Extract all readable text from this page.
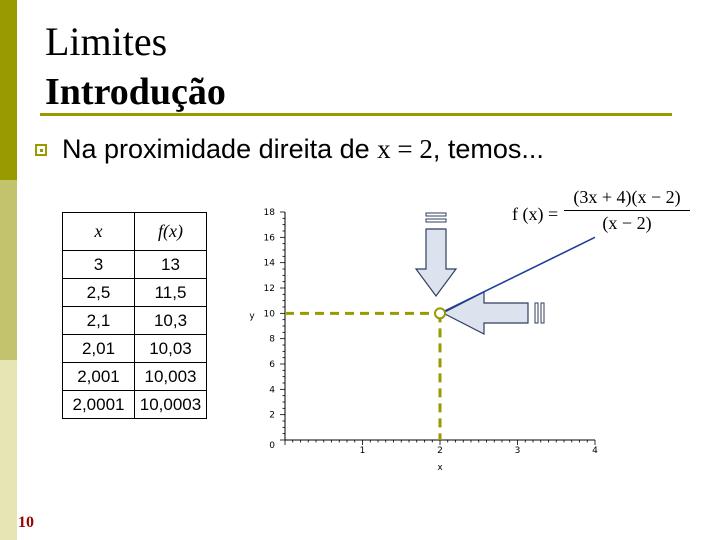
Limites
Introdução
Na proximidade direita de x = 2, temos...
x	f(x)
3	13
2,5	11,5
2,1	10,3
2,01	10,03
2,001	10,003
2,0001	10,0003
f (x) =
(3x + 4)(x − 2)
(x − 2)
1	2	3	4
0
2
4
6
8
10
12
14
16
18
x
y
10
